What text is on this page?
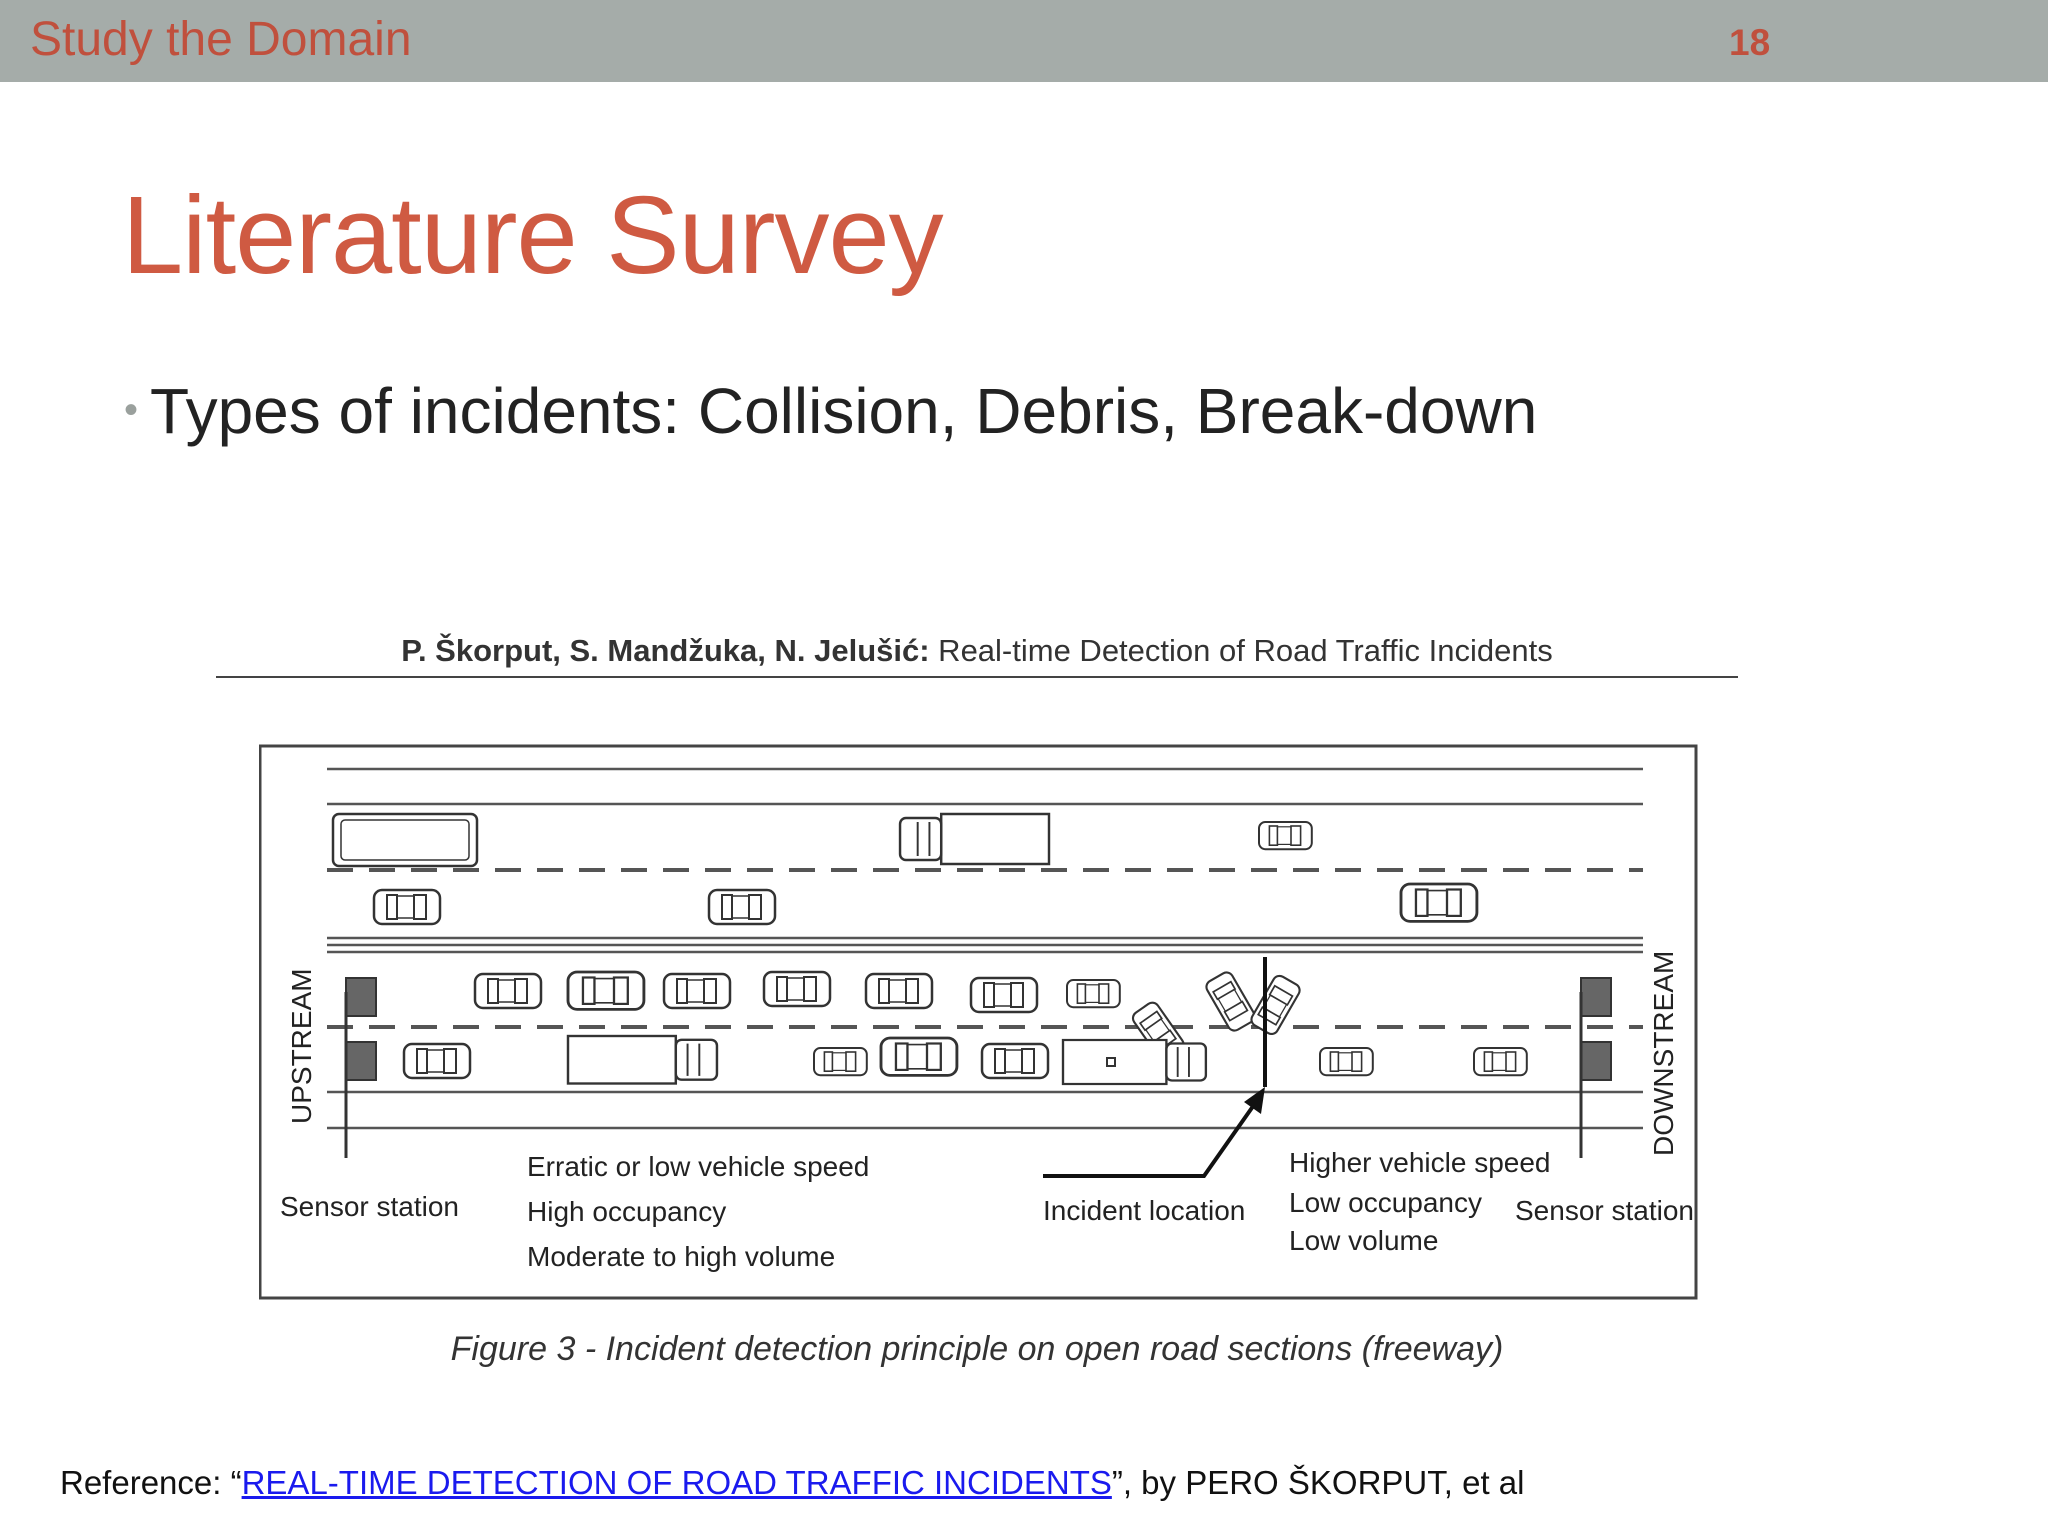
Study the Domain	18
Literature Survey
• Types of incidents: Collision, Debris, Break-down
P. Škorput, S. Mandžuka, N. Jelušić: Real-time Detection of Road Traffic Incidents
UPSTREAM	DOWNSTREAM
Sensor station	Sensor station
Erratic or low vehicle speed
High occupancy
Moderate to high volume
Incident location
Higher vehicle speed
Low occupancy
Low volume
Figure 3 - Incident detection principle on open road sections (freeway)
Reference: “REAL-TIME DETECTION OF ROAD TRAFFIC INCIDENTS”, by PERO ŠKORPUT, et al
